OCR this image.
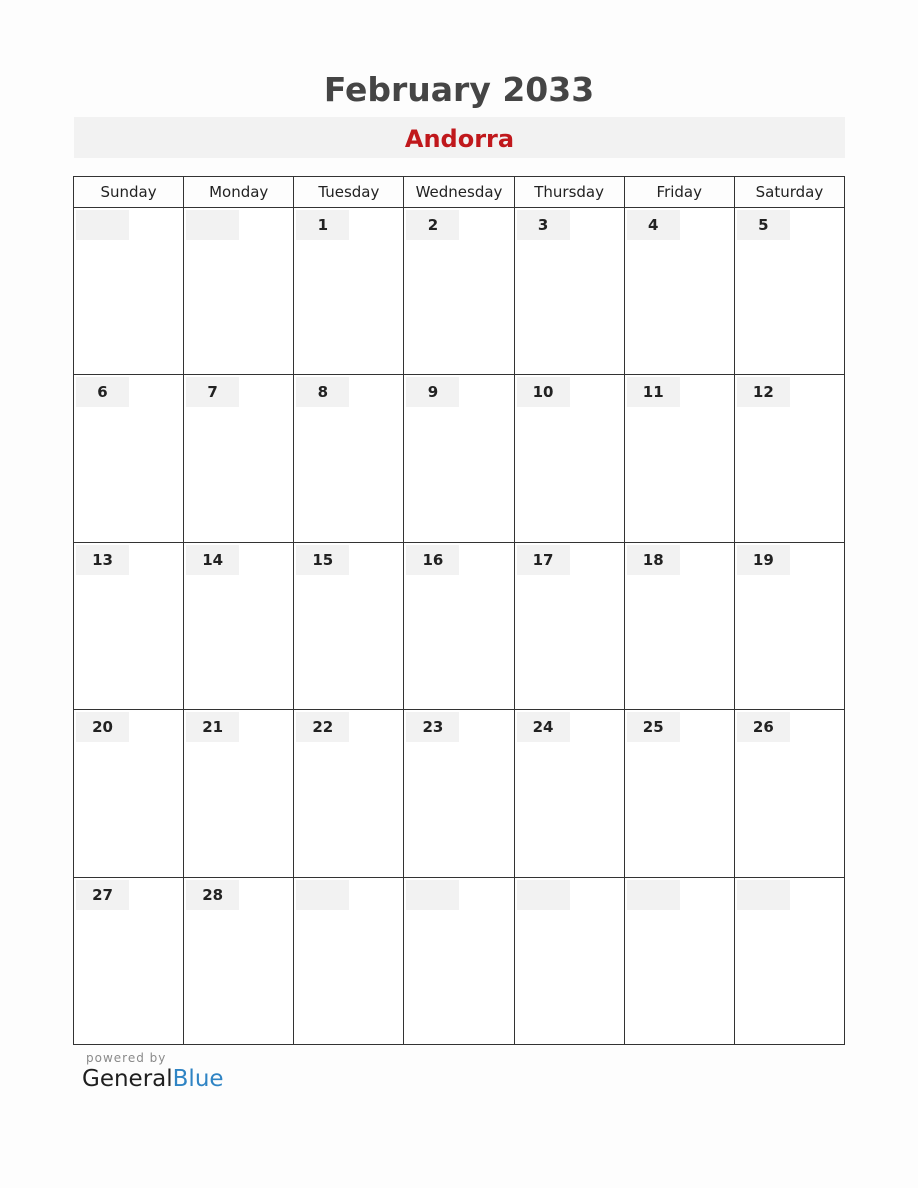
February 2033
Andorra
Sunday	Monday	Tuesday	Wednesday	Thursday	Friday	Saturday

		1	2	3	4	5

6	7	8	9	10	11	12

13	14	15	16	17	18	19

20	21	22	23	24	25	26

27	28					

powered by
GeneralBlue
